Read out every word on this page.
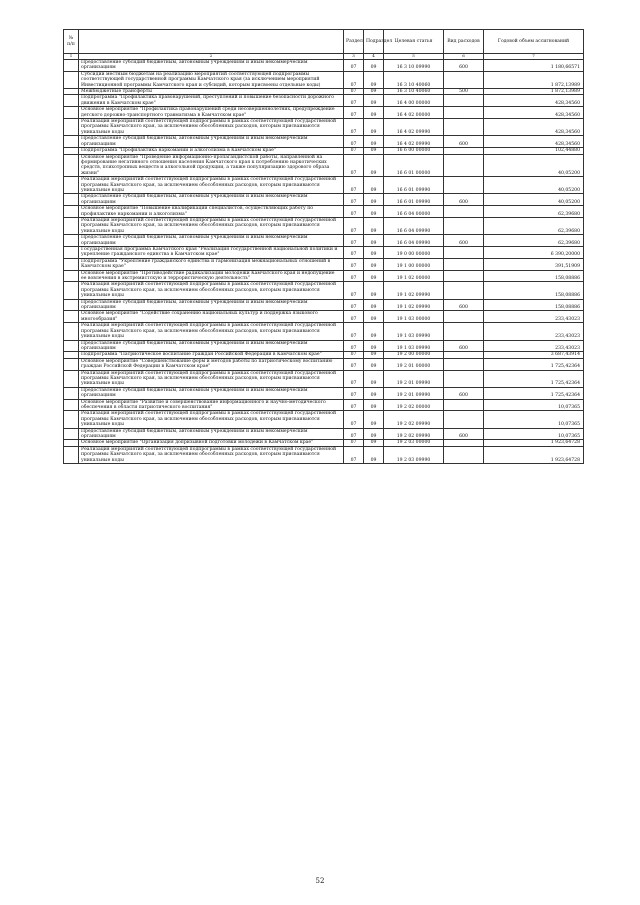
№ п/п		Раздел	Подраздел	Целевая статья	Вид расходов	Годовой объем ассигнований
1	2	3	4	5	6	7
	Предоставление субсидий бюджетным, автономным учреждениям и иным некоммерческим организациям	07	09	16 3 10 09990	600	1 180,66571
	Субсидии местным бюджетам на реализацию мероприятий соответствующей подпрограммы соответствующей государственной программы Камчатского края (за исключением мероприятий Инвестиционной программы Камчатского края и субсидий, которым присвоены отдельные коды)	07	09	16 3 10 40060		1 872,13989
	Межбюджетные трансферты	07	09	16 3 10 40060	500	1 872,13989
	Подпрограмма "Профилактика правонарушений, преступлений и повышение безопасности дорожного движения в Камчатском крае"	07	09	16 4 00 00000		428,34560
	Основное мероприятие "Профилактика правонарушений среди несовершеннолетних, предупреждение детского дорожно-транспортного травматизма в Камчатском крае"	07	09	16 4 02 00000		428,34560
	Реализация мероприятий соответствующей подпрограммы в рамках соответствующей государственной программы Камчатского края, за исключением обособленных расходов, которым присваиваются уникальные коды	07	09	16 4 02 09990		428,34560
	Предоставление субсидий бюджетным, автономным учреждениям и иным некоммерческим организациям	07	09	16 4 02 09990	600	428,34560
	Подпрограмма "Профилактика наркомании и алкоголизма в Камчатском крае"	07	09	16 6 00 00000		102,44880
	Основное мероприятие "Проведение информационно-пропагандистской работы, направленной на формирование негативного отношения населения Камчатского края к потреблению наркотических средств, психотропных веществ и алкогольной продукции, а также популяризацию здорового образа жизни"	07	09	16 6 01 00000		40,05200
	Реализация мероприятий соответствующей подпрограммы в рамках соответствующей государственной программы Камчатского края, за исключением обособленных расходов, которым присваиваются уникальные коды	07	09	16 6 01 09990		40,05200
	Предоставление субсидий бюджетным, автономным учреждениям и иным некоммерческим организациям	07	09	16 6 01 09990	600	40,05200
	Основное мероприятие "Повышение квалификации специалистов, осуществляющих работу по профилактике наркомании и алкоголизма"	07	09	16 6 04 00000		62,39680
	Реализация мероприятий соответствующей подпрограммы в рамках соответствующей государственной программы Камчатского края, за исключением обособленных расходов, которым присваиваются уникальные коды	07	09	16 6 04 09990		62,39680
	Предоставление субсидий бюджетным, автономным учреждениям и иным некоммерческим организациям	07	09	16 6 04 09990	600	62,39680
	Государственная программа Камчатского края "Реализация государственной национальной политики и укрепление гражданского единства в Камчатском крае"	07	09	19 0 00 00000		6 390,20000
	Подпрограмма "Укрепление гражданского единства и гармонизация межнациональных отношений в Камчатском крае"	07	09	19 1 00 00000		391,51909
	Основное мероприятие "Противодействие радикализации молодежи Камчатского края и недопущение ее вовлечения в экстремистскую и террористическую деятельность"	07	09	19 1 02 00000		158,08886
	Реализация мероприятий соответствующей подпрограммы в рамках соответствующей государственной программы Камчатского края, за исключением обособленных расходов, которым присваиваются уникальные коды	07	09	19 1 02 09990		158,08886
	Предоставление субсидий бюджетным, автономным учреждениям и иным некоммерческим организациям	07	09	19 1 02 09990	600	158,08886
	Основное мероприятие "Содействие сохранению национальных культур и поддержка языкового многообразия"	07	09	19 1 03 00000		233,43023
	Реализация мероприятий соответствующей подпрограммы в рамках соответствующей государственной программы Камчатского края, за исключением обособленных расходов, которым присваиваются уникальные коды	07	09	19 1 03 09990		233,43023
	Предоставление субсидий бюджетным, автономным учреждениям и иным некоммерческим организациям	07	09	19 1 03 09990	600	233,43023
	Подпрограмма "Патриотическое воспитание граждан Российской Федерации в Камчатском крае"	07	09	19 2 00 00000		3 687,43914
	Основное мероприятие "Совершенствование форм и методов работы по патриотическому воспитанию граждан Российской Федерации в Камчатском крае"	07	09	19 2 01 00000		1 725,42364
	Реализация мероприятий соответствующей подпрограммы в рамках соответствующей государственной программы Камчатского края, за исключением обособленных расходов, которым присваиваются уникальные коды	07	09	19 2 01 09990		1 725,42364
	Предоставление субсидий бюджетным, автономным учреждениям и иным некоммерческим организациям	07	09	19 2 01 09990	600	1 725,42364
	Основное мероприятие "Развитие и совершенствование информационного и научно-методического обеспечения в области патриотического воспитания"	07	09	19 2 02 00000		10,07365
	Реализация мероприятий соответствующей подпрограммы в рамках соответствующей государственной программы Камчатского края, за исключением обособленных расходов, которым присваиваются уникальные коды	07	09	19 2 02 09990		10,07365
	Предоставление субсидий бюджетным, автономным учреждениям и иным некоммерческим организациям	07	09	19 2 02 09990	600	10,07365
	Основное мероприятие "Организация допризывной подготовки молодежи в Камчатском крае"	07	09	19 2 03 00000		1 923,64728
	Реализация мероприятий соответствующей подпрограммы в рамках соответствующей государственной программы Камчатского края, за исключением обособленных расходов, которым присваиваются уникальные коды	07	09	19 2 03 09990		1 923,64728
52
